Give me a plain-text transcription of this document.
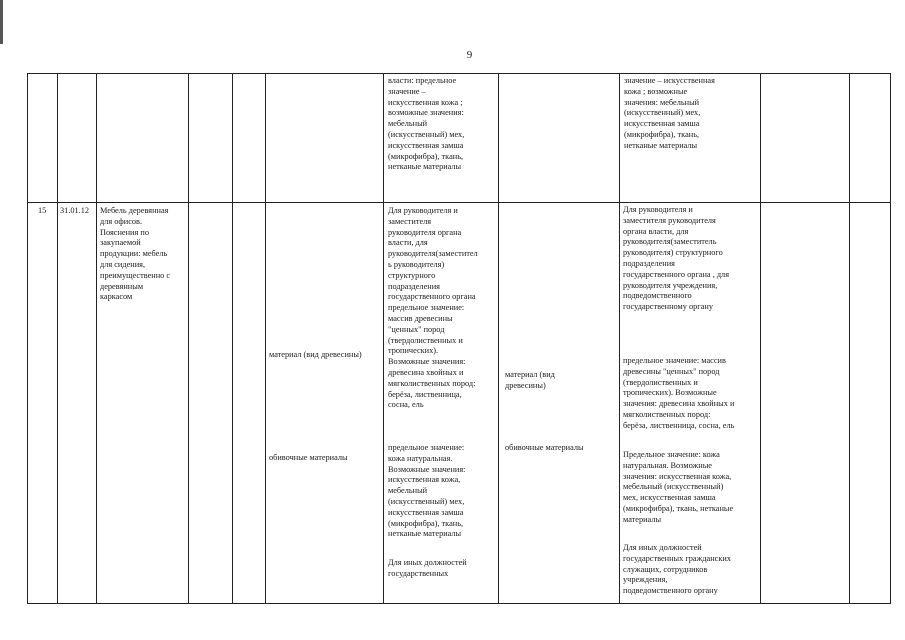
9
власти: предельное
значение –
искусственная кожа ;
возможные значения:
мебельный
(искусственный) мех,
искусственная замша
(микрофибра), ткань,
нетканые материалы
значение – искусственная
кожа ; возможные
значения: мебельный
(искусственный) мех,
искусственная замша
(микрофибра), ткань,
нетканые материалы
15	31.01.12	Мебель деревянная
для офисов.
Пояснения по
закупаемой
продукции: мебель
для сидения,
преимущественно с
деревянным
каркасом
материал (вид древесины)
обивочные материалы
Для руководителя и
заместителя
руководителя органа
власти, для
руководителя(заместител
ь руководителя)
структурного
подразделения
государственного органа
предельное значение:
массив древесины
"ценных" пород
(твердолиственных и
тропических).
Возможные значения:
древесина хвойных и
мягколиственных пород:
берёза, лиственница,
сосна, ель
предельное значение:
кожа натуральная.
Возможные значения:
искусственная кожа,
мебельный
(искусственный) мех,
искусственная замша
(микрофибра), ткань,
нетканые материалы
Для иных должностей
государственных
материал (вид
древесины)
обивочные материалы
Для руководителя и
заместителя руководителя
органа власти, для
руководителя(заместитель
руководителя) структурного
подразделения
государственного органа , для
руководителя учреждения,
подведомственного
государственному органу
предельное значение: массив
древесины "ценных" пород
(твердолиственных и
тропических). Возможные
значения: древесина хвойных и
мягколиственных пород:
берёза, лиственница, сосна, ель
Предельное значение: кожа
натуральная. Возможные
значения: искусственная кожа,
мебельный (искусственный)
мех, искусственная замша
(микрофибра), ткань, нетканые
материалы
Для иных должностей
государственных гражданских
служащих, сотрудников
учреждения,
подведомственного органу
